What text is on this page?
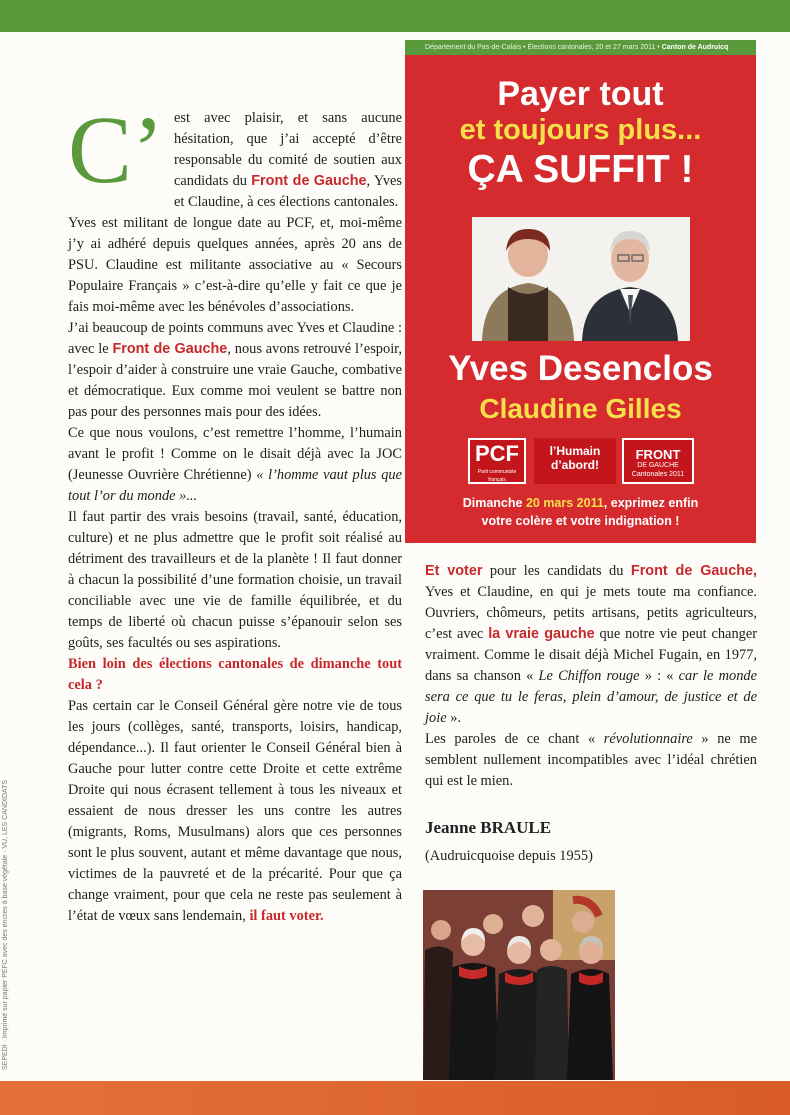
SEPEDI · Imprimé sur papier PEFC avec des encres à base végétale · VU, LES CANDIDATS

C’ est avec plaisir, et sans aucune hésitation, que j’ai accepté d’être responsable du comité de soutien aux candidats du Front de Gauche, Yves et Claudine, à ces élections cantonales.

Yves est militant de longue date au PCF, et, moi-même j’y ai adhéré depuis quelques années, après 20 ans de PSU. Claudine est militante associative au « Secours Populaire Français » c’est-à-dire qu’elle y fait ce que je fais moi-même avec les bénévoles d’associations.

J’ai beaucoup de points communs avec Yves et Claudine : avec le Front de Gauche, nous avons retrouvé l’espoir, l’espoir d’aider à construire une vraie Gauche, combative et démocratique. Eux comme moi veulent se battre non pas pour des personnes mais pour des idées.

Ce que nous voulons, c’est remettre l’homme, l’humain avant le profit ! Comme on le disait déjà avec la JOC (Jeunesse Ouvrière Chrétienne) « l’homme vaut plus que tout l’or du monde »...

Il faut partir des vrais besoins (travail, santé, éducation, culture) et ne plus admettre que le profit soit réalisé au détriment des travailleurs et de la planète ! Il faut donner à chacun la possibilité d’une formation choisie, un travail conciliable avec une vie de famille équilibrée, et du temps de liberté où chacun puisse s’épanouir selon ses goûts, ses facultés ou ses aspirations.

Bien loin des élections cantonales de dimanche tout cela ?

Pas certain car le Conseil Général gère notre vie de tous les jours (collèges, santé, transports, loisirs, handicap, dépendance...). Il faut orienter le Conseil Général bien à Gauche pour lutter contre cette Droite et cette extrême Droite qui nous écrasent tellement à tous les niveaux et essaient de nous dresser les uns contre les autres (migrants, Roms, Musulmans) alors que ces personnes sont le plus souvent, autant et même davantage que nous, victimes de la pauvreté et de la précarité. Pour que ça change vraiment, pour que cela ne reste pas seulement à l’état de vœux sans lendemain, il faut voter.

Département du Pas-de-Calais • Élections cantonales, 20 et 27 mars 2011 • Canton de Audruicq
Payer tout
et toujours plus...
ÇA SUFFIT !
Yves Desenclos
Claudine Gilles
PCF
Parti communiste français
l’Humain
d’abord!
FRONT
DE GAUCHE
Cantonales 2011
Dimanche 20 mars 2011, exprimez enfin
votre colère et votre indignation !

Et voter pour les candidats du Front de Gauche, Yves et Claudine, en qui je mets toute ma confiance. Ouvriers, chômeurs, petits artisans, petits agriculteurs, c’est avec la vraie gauche que notre vie peut changer vraiment. Comme le disait déjà Michel Fugain, en 1977, dans sa chanson « Le Chiffon rouge » : « car le monde sera ce que tu le feras, plein d’amour, de justice et de joie ».

Les paroles de ce chant « révolutionnaire » ne me semblent nullement incompatibles avec l’idéal chrétien qui est le mien.

Jeanne BRAULE
(Audruicquoise depuis 1955)
